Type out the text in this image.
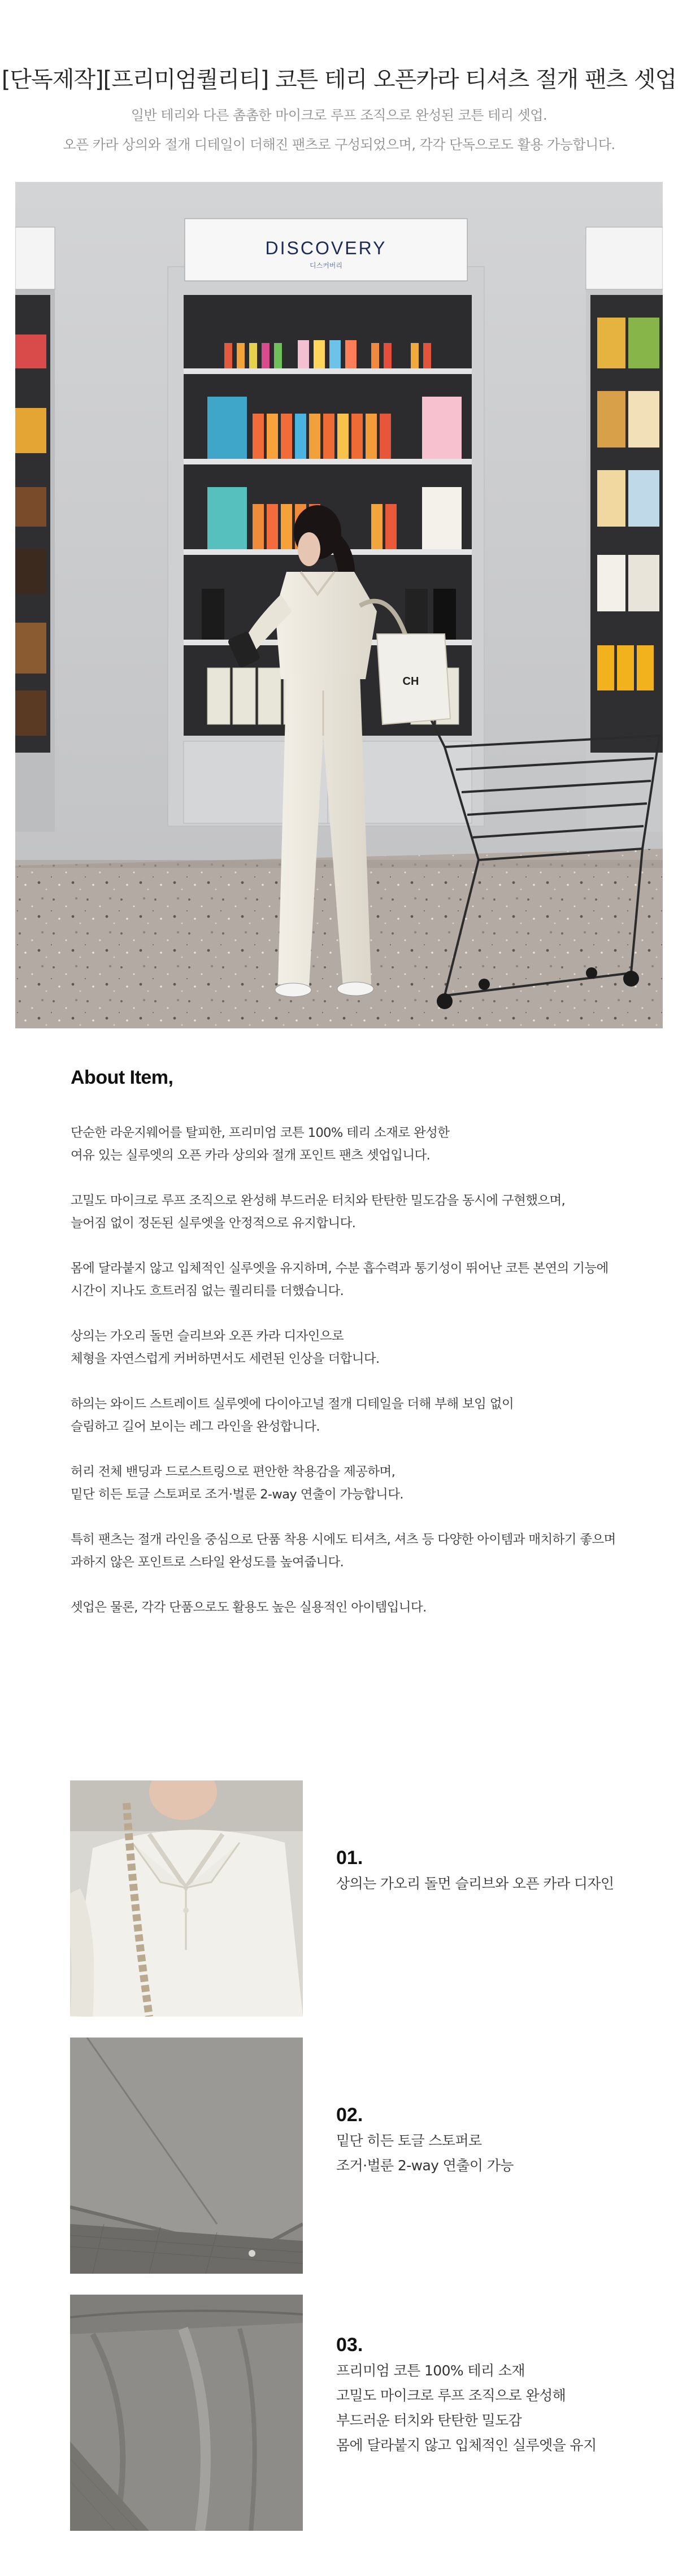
[단독제작][프리미엄퀄리티] 코튼 테리 오픈카라 티셔츠 절개 팬츠 셋업

일반 테리와 다른 촘촘한 마이크로 루프 조직으로 완성된 코튼 테리 셋업.

오픈 카라 상의와 절개 디테일이 더해진 팬츠로 구성되었으며, 각각 단독으로도 활용 가능합니다.

DISCOVERY
디스커버리
CH
About Item,

단순한 라운지웨어를 탈피한, 프리미엄 코튼 100% 테리 소재로 완성한
여유 있는 실루엣의 오픈 카라 상의와 절개 포인트 팬츠 셋업입니다.

고밀도 마이크로 루프 조직으로 완성해 부드러운 터치와 탄탄한 밀도감을 동시에 구현했으며,
늘어짐 없이 정돈된 실루엣을 안정적으로 유지합니다.

몸에 달라붙지 않고 입체적인 실루엣을 유지하며, 수분 흡수력과 통기성이 뛰어난 코튼 본연의 기능에
시간이 지나도 흐트러짐 없는 퀄리티를 더했습니다.

상의는 가오리 돌먼 슬리브와 오픈 카라 디자인으로
체형을 자연스럽게 커버하면서도 세련된 인상을 더합니다.

하의는 와이드 스트레이트 실루엣에 다이아고널 절개 디테일을 더해 부해 보임 없이
슬림하고 길어 보이는 레그 라인을 완성합니다.

허리 전체 밴딩과 드로스트링으로 편안한 착용감을 제공하며,
밑단 히든 토글 스토퍼로 조거·벌룬 2-way 연출이 가능합니다.

특히 팬츠는 절개 라인을 중심으로 단품 착용 시에도 티셔츠, 셔츠 등 다양한 아이템과 매치하기 좋으며
과하지 않은 포인트로 스타일 완성도를 높여줍니다.

셋업은 물론, 각각 단품으로도 활용도 높은 실용적인 아이템입니다.

01.
상의는 가오리 돌먼 슬리브와 오픈 카라 디자인
02.
밑단 히든 토글 스토퍼로
조거·벌룬 2-way 연출이 가능
03.
프리미엄 코튼 100% 테리 소재
고밀도 마이크로 루프 조직으로 완성해
부드러운 터치와 탄탄한 밀도감
몸에 달라붙지 않고 입체적인 실루엣을 유지
